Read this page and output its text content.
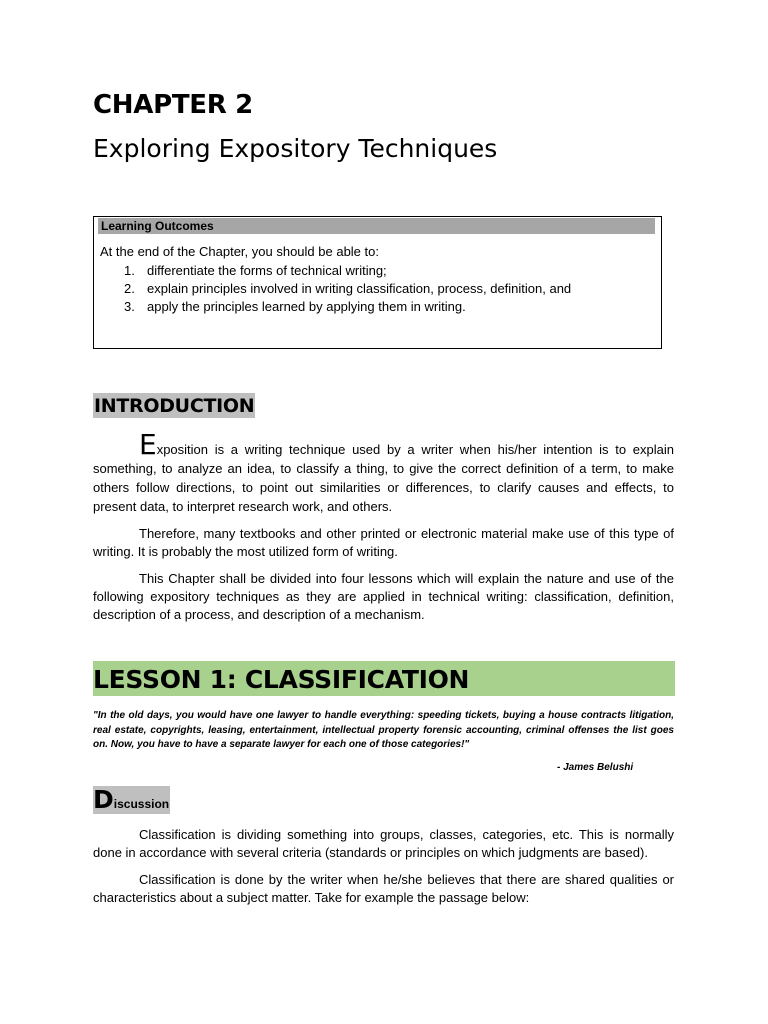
CHAPTER 2
Exploring Expository Techniques
Learning Outcomes
At the end of the Chapter, you should be able to:
1. differentiate the forms of technical writing;
2. explain principles involved in writing classification, process, definition, and
3. apply the principles learned by applying them in writing.
INTRODUCTION

Exposition is a writing technique used by a writer when his/her intention is to explain something, to analyze an idea, to classify a thing, to give the correct definition of a term, to make others follow directions, to point out similarities or differences, to clarify causes and effects, to present data, to interpret research work, and others.

Therefore, many textbooks and other printed or electronic material make use of this type of writing. It is probably the most utilized form of writing.

This Chapter shall be divided into four lessons which will explain the nature and use of the following expository techniques as they are applied in technical writing: classification, definition, description of a process, and description of a mechanism.

LESSON 1: CLASSIFICATION
"In the old days, you would have one lawyer to handle everything: speeding tickets, buying a house contracts litigation, real estate, copyrights, leasing, entertainment, intellectual property forensic accounting, criminal offenses the list goes on. Now, you have to have a separate lawyer for each one of those categories!"
- James Belushi
Discussion

Classification is dividing something into groups, classes, categories, etc. This is normally done in accordance with several criteria (standards or principles on which judgments are based).

Classification is done by the writer when he/she believes that there are shared qualities or characteristics about a subject matter. Take for example the passage below:
